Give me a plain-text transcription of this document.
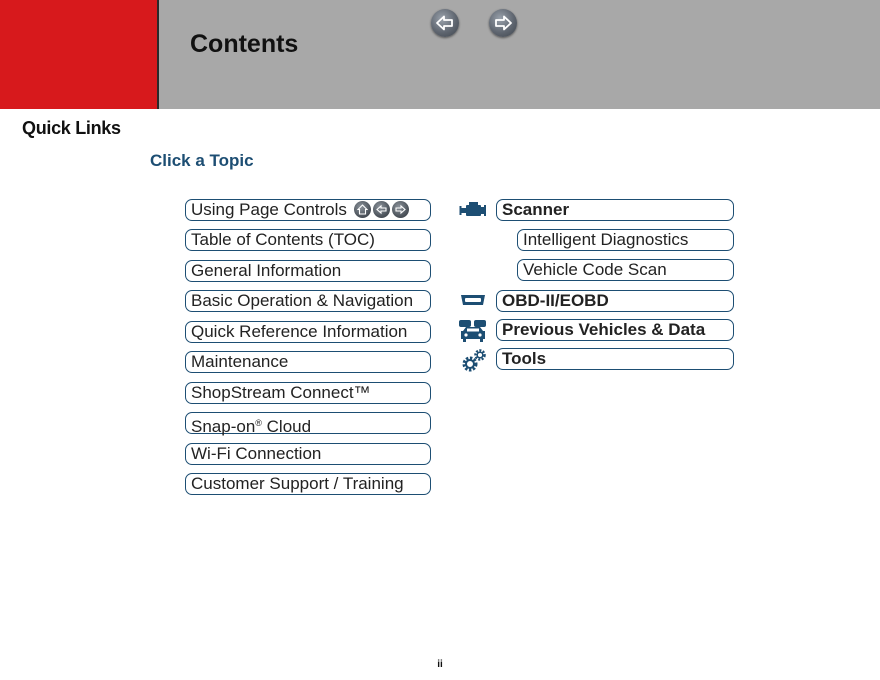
Contents
Quick Links
Click a Topic
Using Page Controls
Table of Contents (TOC)
General Information
Basic Operation & Navigation
Quick Reference Information
Maintenance
ShopStream Connect™
Snap-on® Cloud
Wi-Fi Connection
Customer Support / Training
Scanner
Intelligent Diagnostics
Vehicle Code Scan
OBD-II/EOBD
Previous Vehicles & Data
Tools
ii
